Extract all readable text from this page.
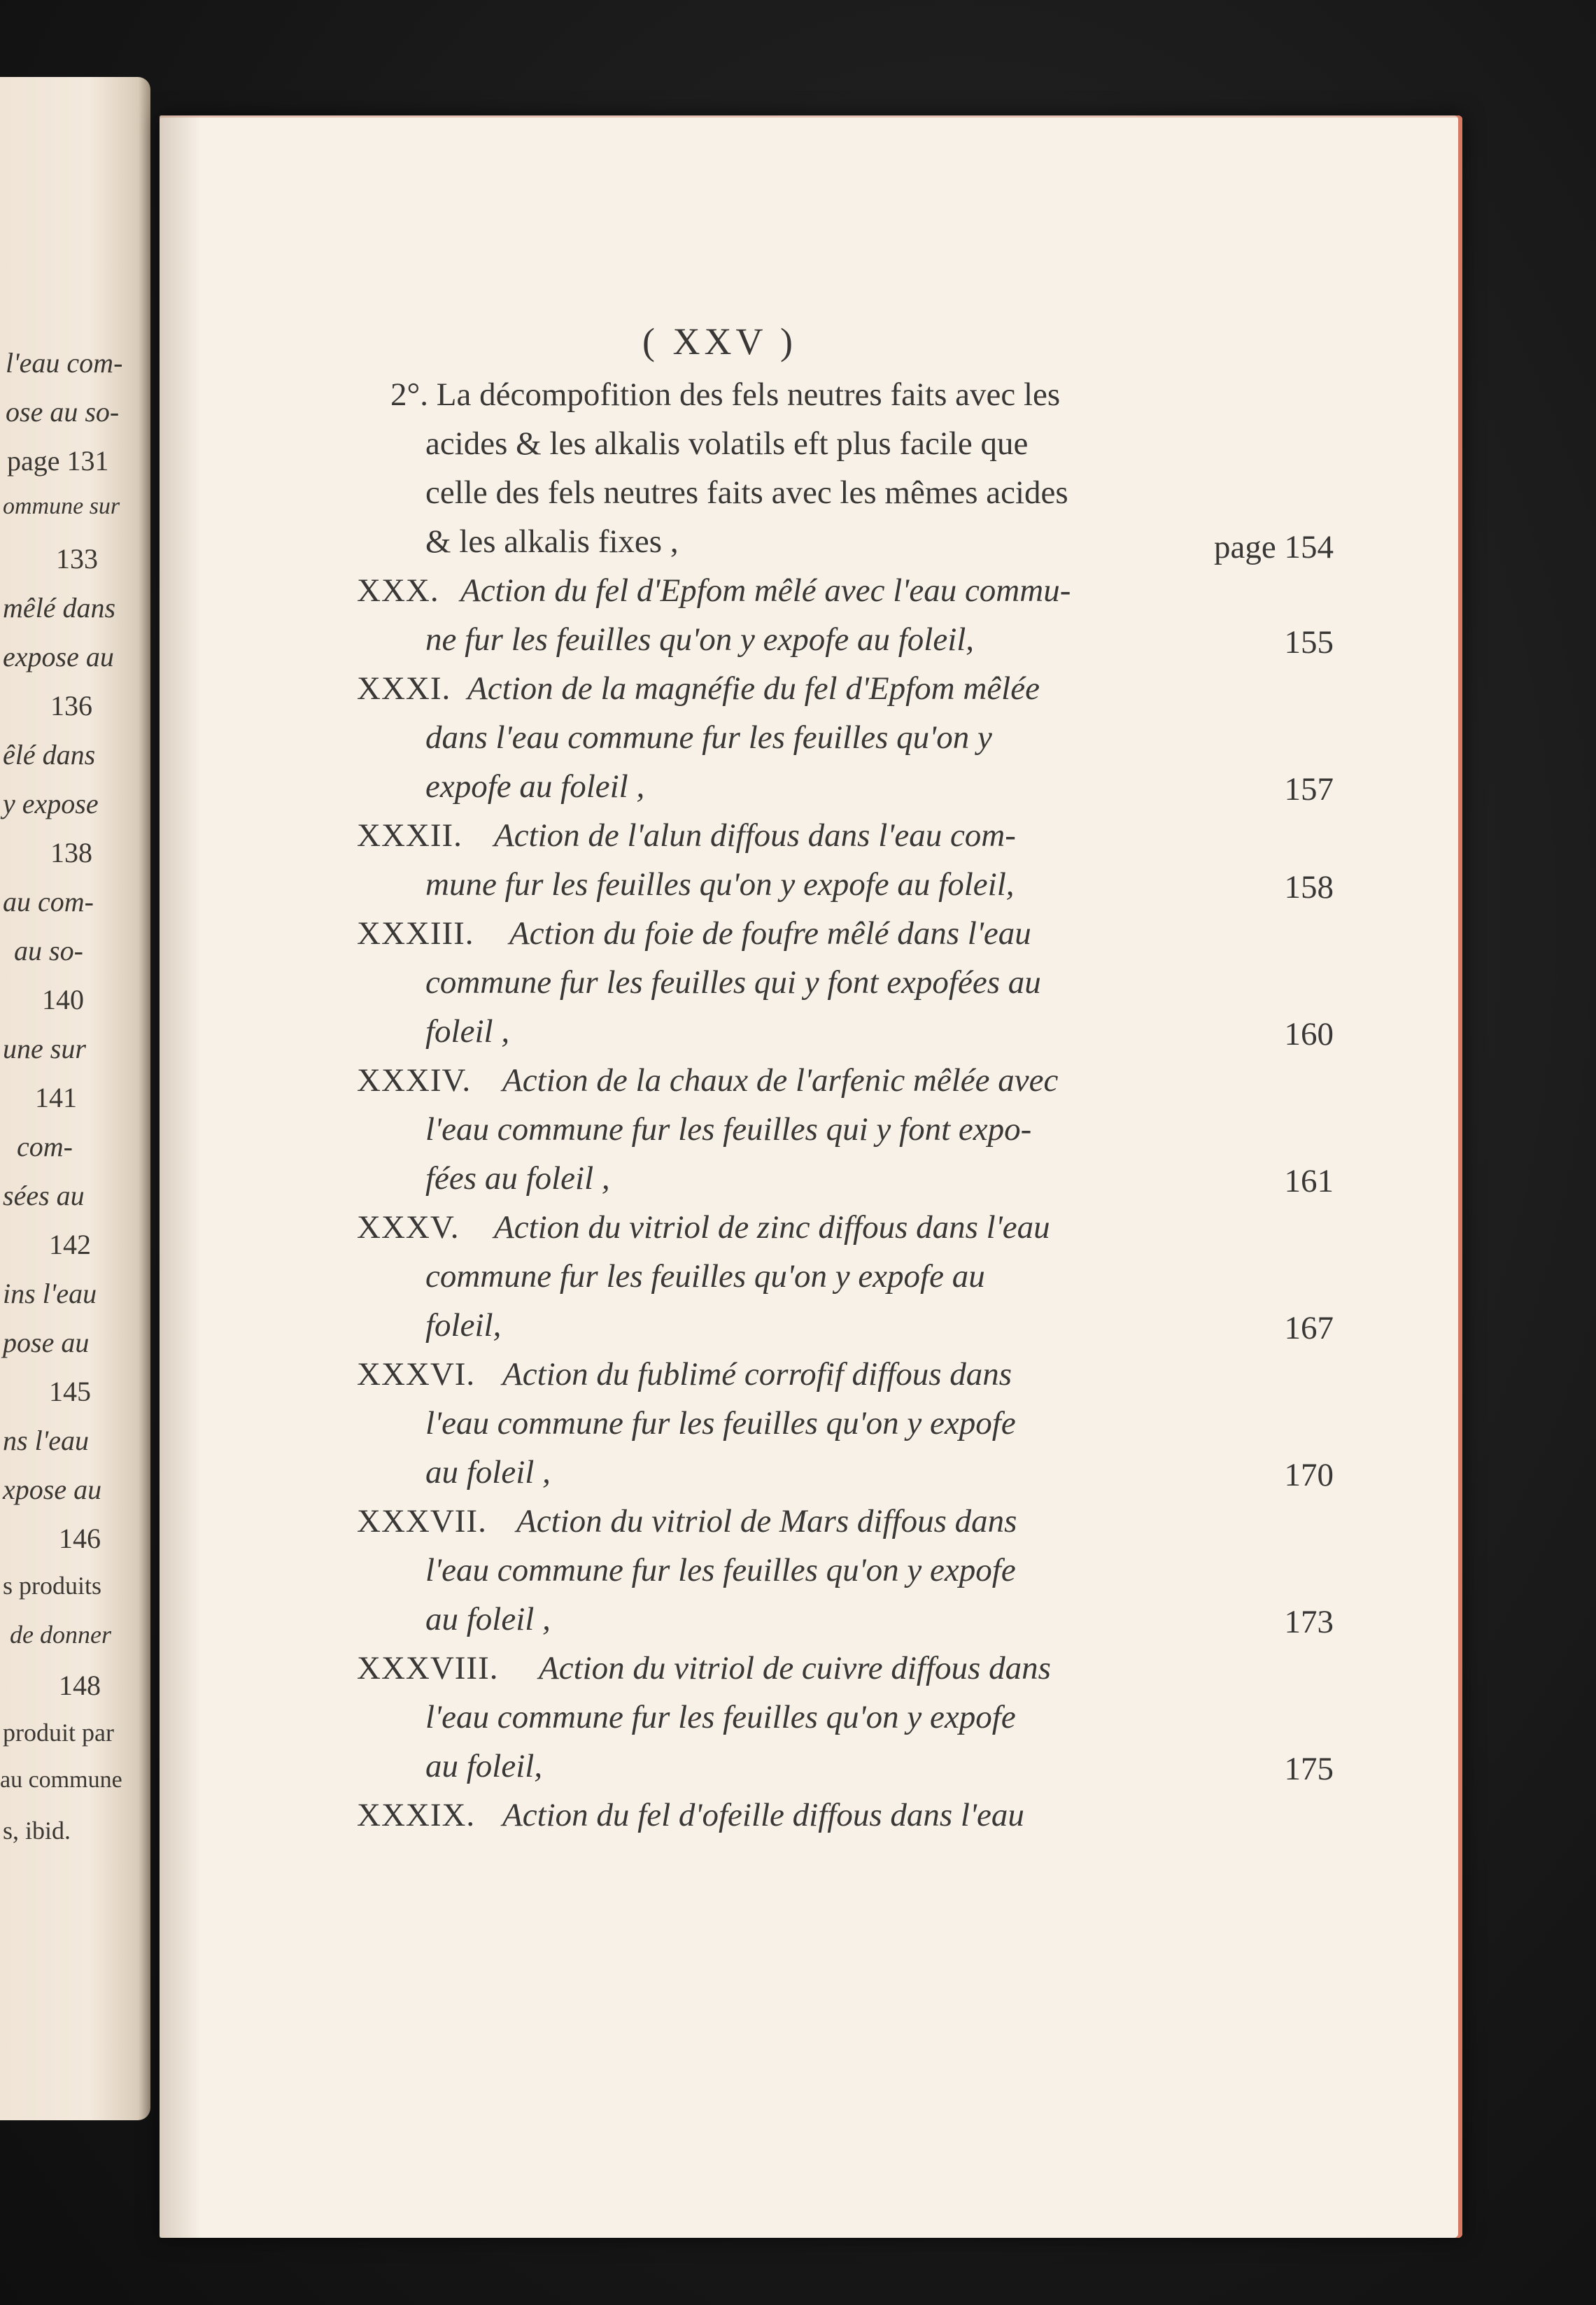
l'eau com-
ose au so-
page 131
ommune sur
133
mêlé dans
expose au
136
êlé dans
y expose
138
au com-
au so-
140
une sur
141
com-
sées au
142
ins l'eau
pose au
145
ns l'eau
xpose au
146
s produits
de donner
148
produit par
au commune
s, ibid.
( XXV )
2°. La décompofition des fels neutres faits avec les
acides & les alkalis volatils eft plus facile que
celle des fels neutres faits avec les mêmes acides
& les alkalis fixes ,	page 154
XXX. Action du fel d'Epfom mêlé avec l'eau commu-
ne fur les feuilles qu'on y expofe au foleil,	155
XXXI. Action de la magnéfie du fel d'Epfom mêlée
dans l'eau commune fur les feuilles qu'on y
expofe au foleil ,	157
XXXII. Action de l'alun diffous dans l'eau com-
mune fur les feuilles qu'on y expofe au foleil,	158
XXXIII. Action du foie de foufre mêlé dans l'eau
commune fur les feuilles qui y font expofées au
foleil ,	160
XXXIV. Action de la chaux de l'arfenic mêlée avec
l'eau commune fur les feuilles qui y font expo-
fées au foleil ,	161
XXXV. Action du vitriol de zinc diffous dans l'eau
commune fur les feuilles qu'on y expofe au
foleil,	167
XXXVI. Action du fublimé corrofif diffous dans
l'eau commune fur les feuilles qu'on y expofe
au foleil ,	170
XXXVII. Action du vitriol de Mars diffous dans
l'eau commune fur les feuilles qu'on y expofe
au foleil ,	173
XXXVIII. Action du vitriol de cuivre diffous dans
l'eau commune fur les feuilles qu'on y expofe
au foleil,	175
XXXIX. Action du fel d'ofeille diffous dans l'eau
